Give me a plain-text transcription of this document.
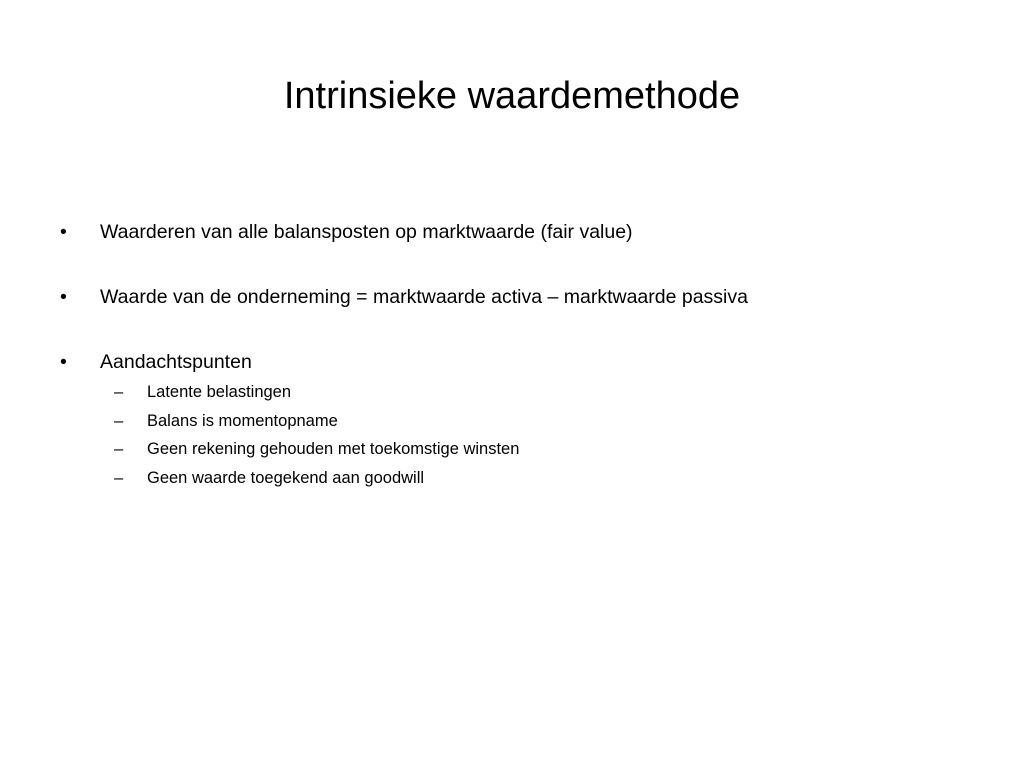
Intrinsieke waardemethode
• Waarderen van alle balansposten op marktwaarde (fair value)
• Waarde van de onderneming = marktwaarde activa – marktwaarde passiva
• Aandachtspunten
– Latente belastingen
– Balans is momentopname
– Geen rekening gehouden met toekomstige winsten
– Geen waarde toegekend aan goodwill
